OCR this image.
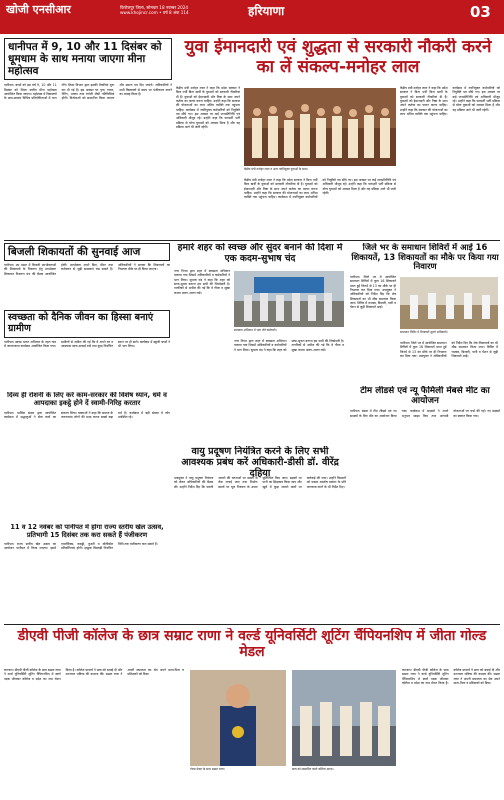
खोजी एनसीआर	फिरोजपुर जिला, सोमवार 18 नवम्बर 2024
www.khojincr.com • वर्ष 8 अंक 114	हरियाणा	03
धानीपत में 9, 10 और 11 दिसंबर को धूमधाम के साथ मनाया जाएगा मीना महोत्सव
पानीपत। बच्चों को इस वर्ष 9, 10 और 11 दिसंबर को जिला स्तरीय मीना महोत्सव आयोजित किया जाएगा। महोत्सव में विद्यालयों के छात्र-छात्राएं विभिन्न प्रतियोगिताओं में भाग लेंगे। शिक्षा विभाग द्वारा इसकी तैयारियां शुरू कर दी गई हैं। इस अवसर पर नृत्य, गायन, पेंटिंग, भाषण तथा रंगोली जैसी गतिविधियां होंगी। विजेताओं को सम्मानित किया जाएगा और प्रमाण पत्र दिए जाएंगे। अधिकारियों ने सभी विद्यालयों से समय पर पंजीकरण कराने का आग्रह किया है।
युवा ईमानदारी एवं शुद्धता से सरकारी नौकरी करने का लें संकल्प-मनोहर लाल
केंद्रीय मंत्री मनोहर लाल ने कहा कि प्रदेश सरकार ने बिना पर्ची बिना खर्ची के युवाओं को सरकारी नौकरियां दी हैं। युवाओं को ईमानदारी और निष्ठा के साथ अपने कर्तव्य का पालन करना चाहिए। उन्होंने कहा कि सरकार की योजनाओं का लाभ अंतिम व्यक्ति तक पहुंचना चाहिए। कार्यक्रम में नवनियुक्त कर्मचारियों को नियुक्ति पत्र सौंपे गए। इस अवसर पर कई जनप्रतिनिधि एवं अधिकारी मौजूद रहे। उन्होंने कहा कि पारदर्शी भर्ती प्रक्रिया से योग्य युवाओं को अवसर मिला है और यह प्रक्रिया आगे भी जारी रहेगी।
केंद्रीय मंत्री मनोहर लाल व अन्य नवनियुक्त युवाओं के साथ।
केंद्रीय मंत्री मनोहर लाल ने कहा कि प्रदेश सरकार ने बिना पर्ची बिना खर्ची के युवाओं को सरकारी नौकरियां दी हैं। युवाओं को ईमानदारी और निष्ठा के साथ अपने कर्तव्य का पालन करना चाहिए। उन्होंने कहा कि सरकार की योजनाओं का लाभ अंतिम व्यक्ति तक पहुंचना चाहिए। कार्यक्रम में नवनियुक्त कर्मचारियों को नियुक्ति पत्र सौंपे गए। इस अवसर पर कई जनप्रतिनिधि एवं अधिकारी मौजूद रहे। उन्होंने कहा कि पारदर्शी भर्ती प्रक्रिया से योग्य युवाओं को अवसर मिला है और यह प्रक्रिया आगे भी जारी रहेगी।
केंद्रीय मंत्री मनोहर लाल ने कहा कि प्रदेश सरकार ने बिना पर्ची बिना खर्ची के युवाओं को सरकारी नौकरियां दी हैं। युवाओं को ईमानदारी और निष्ठा के साथ अपने कर्तव्य का पालन करना चाहिए। उन्होंने कहा कि सरकार की योजनाओं का लाभ अंतिम व्यक्ति तक पहुंचना चाहिए। कार्यक्रम में नवनियुक्त कर्मचारियों को नियुक्ति पत्र सौंपे गए। इस अवसर पर कई जनप्रतिनिधि एवं अधिकारी मौजूद रहे। उन्होंने कहा कि पारदर्शी भर्ती प्रक्रिया से योग्य युवाओं को अवसर मिला है और यह प्रक्रिया आगे भी जारी रहेगी।
बिजली शिकायतों की सुनवाई आज
पानीपत। उप मंडल में बिजली उपभोक्ताओं की शिकायतों के निवारण हेतु उपभोक्ता शिकायत निवारण मंच की बैठक आयोजित होगी। उपभोक्ता अपने बिल, मीटर तथा कनेक्शन से जुड़ी समस्याएं रख सकते हैं। अधिकारियों ने बताया कि शिकायतों का निपटारा मौके पर ही किया जाएगा।
स्वच्छता को दैनिक जीवन का हिस्सा बनाएं ग्रामीण
पानीपत। स्वच्छ भारत अभियान के तहत गांव में जागरूकता कार्यक्रम आयोजित किया गया। ग्रामीणों से अपील की गई कि वे अपने घर व आसपास साफ-सफाई रखें तथा कूड़ा निर्धारित स्थान पर ही डालें। कार्यक्रम में स्कूली बच्चों ने भी भाग लिया।
दिव्य ही रोशनी के लिए करें काम-सरकार की विशेष ध्यान, धर्म व आपदाका इकट्ठे होने दें स्वामी-निरिह करतार
पानीपत। धार्मिक संस्था द्वारा आयोजित कार्यक्रम में श्रद्धालुओं ने सेवा कार्य का संकल्प लिया। वक्ताओं ने कहा कि समाज के जरूरतमंद लोगों की मदद करना सबसे बड़ा धर्म है। कार्यक्रम में बड़ी संख्या में लोग उपस्थित रहे।
हमारे शहर को स्वच्छ और सुंदर बनाने की दिशा में एक कदम-सुभाष चंद
नगर निगम द्वारा शहर में स्वच्छता अभियान चलाया गया जिसमें अधिकारियों व कर्मचारियों ने भाग लिया। सुभाष चंद ने कहा कि शहर को साफ-सुथरा बनाना हम सभी की जिम्मेदारी है। नागरिकों से अपील की गई कि वे गीला व सूखा कचरा अलग-अलग रखें।
स्वच्छता अभियान में भाग लेते कर्मचारी।
नगर निगम द्वारा शहर में स्वच्छता अभियान चलाया गया जिसमें अधिकारियों व कर्मचारियों ने भाग लिया। सुभाष चंद ने कहा कि शहर को साफ-सुथरा बनाना हम सभी की जिम्मेदारी है। नागरिकों से अपील की गई कि वे गीला व सूखा कचरा अलग-अलग रखें।
जिले भर के समाधान शिविरों में आई 16 शिकायतें, 13 शिकायतों का मौके पर किया गया निवारण
पानीपत। जिले भर में आयोजित समाधान शिविरों में कुल 16 शिकायतें प्राप्त हुईं जिनमें से 13 का मौके पर ही निपटारा कर दिया गया। उपायुक्त ने अधिकारियों को निर्देश दिए कि शेष शिकायतों का भी शीघ्र समाधान किया जाए। शिविर में राजस्व, बिजली, पानी व पेंशन से जुड़ी शिकायतें आईं।
समाधान शिविर में शिकायतें सुनते अधिकारी।
पानीपत। जिले भर में आयोजित समाधान शिविरों में कुल 16 शिकायतें प्राप्त हुईं जिनमें से 13 का मौके पर ही निपटारा कर दिया गया। उपायुक्त ने अधिकारियों को निर्देश दिए कि शेष शिकायतों का भी शीघ्र समाधान किया जाए। शिविर में राजस्व, बिजली, पानी व पेंशन से जुड़ी शिकायतें आईं।
टीम लीडर्स एवं न्यू फैमिली मेंबर्स मीट का आयोजन
पानीपत। संस्था में टीम लीडर्स एवं नए सदस्यों के लिए मीट का आयोजन किया गया। कार्यक्रम में सदस्यों ने अपने अनुभव साझा किए तथा आगामी योजनाओं पर चर्चा की गई। नए सदस्यों का स्वागत किया गया।
वायु प्रदूषण नियंत्रित करने के लिए सभी आवश्यक प्रबंध करें अधिकारी-डीसी डॉ. वीरेंद्र दहिया
उपायुक्त ने वायु प्रदूषण नियंत्रण को लेकर अधिकारियों की बैठक ली। उन्होंने निर्देश दिए कि पराली जलाने की घटनाओं पर सख्ती से रोक लगाई जाए तथा निर्माण स्थलों पर धूल नियंत्रण के उपाय सुनिश्चित किए जाएं। सड़कों पर पानी का छिड़काव किया जाए और खुले में कूड़ा जलाने वालों पर कार्रवाई की जाए। उन्होंने किसानों को फसल अवशेष प्रबंधन के प्रति जागरूक करने के भी निर्देश दिए।
11 व 12 नवंबर को पानीपत में होगा राज्य स्तरीय खेल उत्सव, प्रतिभागी 15 दिसंबर तक करा सकते हैं पंजीकरण
पानीपत। राज्य स्तरीय खेल उत्सव का आयोजन पानीपत में किया जाएगा। इसमें एथलेटिक्स, कबड्डी, कुश्ती व वॉलीबॉल प्रतियोगिताएं होंगी। इच्छुक खिलाड़ी निर्धारित तिथि तक पंजीकरण करा सकते हैं।
डीएवी पीजी कॉलेज के छात्र सम्राट राणा ने वर्ल्ड यूनिवर्सिटी शूटिंग चैंपियनशिप में जीता गोल्ड मेडल
करनाल। डीएवी पीजी कॉलेज के छात्र सम्राट राणा ने वर्ल्ड यूनिवर्सिटी शूटिंग चैंपियनशिप में स्वर्ण पदक जीतकर कॉलेज व प्रदेश का नाम रोशन किया है। कॉलेज प्राचार्य ने छात्र को बधाई दी और उज्ज्वल भविष्य की कामना की। सम्राट राणा ने अपनी सफलता का श्रेय अपने माता-पिता व प्रशिक्षकों को दिया।
गोल्ड मेडल के साथ सम्राट राणा।	छात्र को सम्मानित करते कॉलेज स्टाफ।
करनाल। डीएवी पीजी कॉलेज के छात्र सम्राट राणा ने वर्ल्ड यूनिवर्सिटी शूटिंग चैंपियनशिप में स्वर्ण पदक जीतकर कॉलेज व प्रदेश का नाम रोशन किया है। कॉलेज प्राचार्य ने छात्र को बधाई दी और उज्ज्वल भविष्य की कामना की। सम्राट राणा ने अपनी सफलता का श्रेय अपने माता-पिता व प्रशिक्षकों को दिया।
